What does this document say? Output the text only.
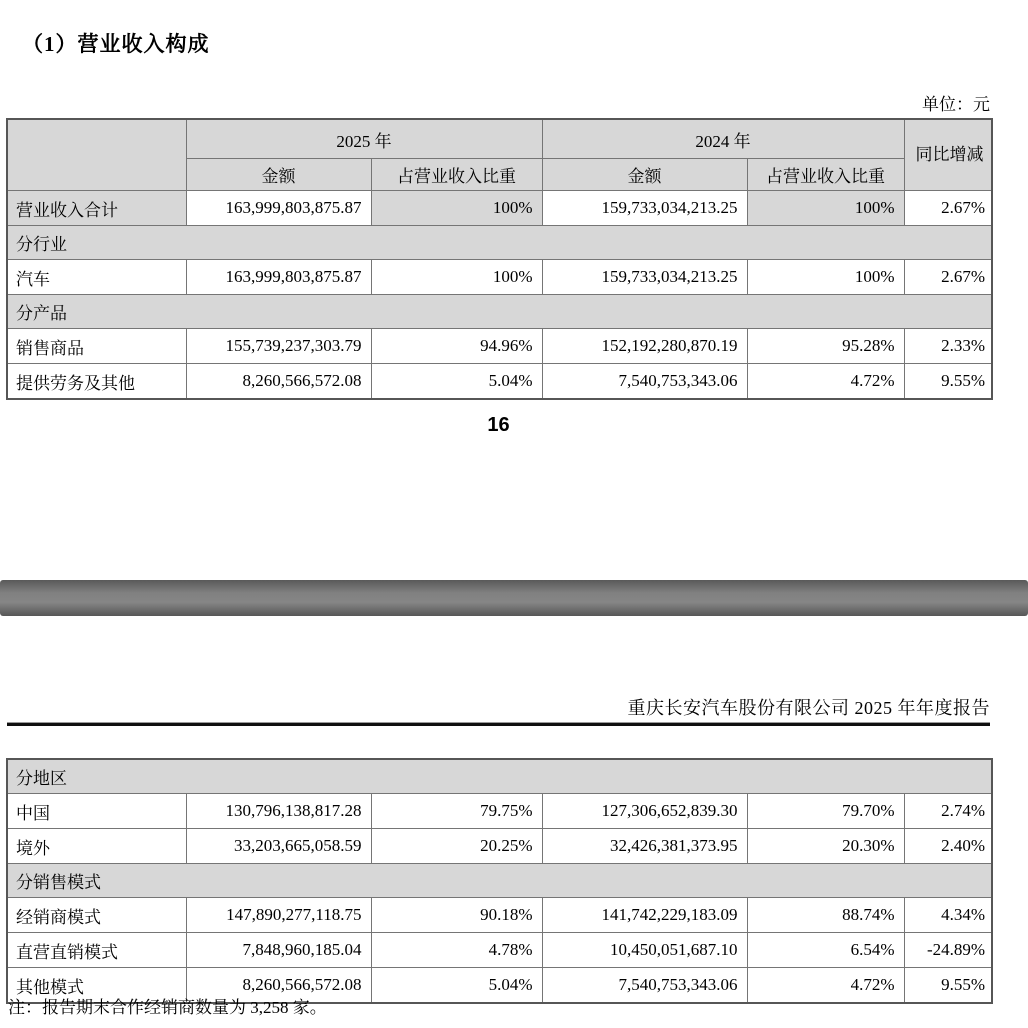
（1）营业收入构成
单位：元
	2025 年		2024 年		同比增减
	金额	占营业收入比重	金额	占营业收入比重	
营业收入合计	163,999,803,875.87	100%	159,733,034,213.25	100%	2.67%
分行业					
汽车	163,999,803,875.87	100%	159,733,034,213.25	100%	2.67%
分产品					
销售商品	155,739,237,303.79	94.96%	152,192,280,870.19	95.28%	2.33%
提供劳务及其他	8,260,566,572.08	5.04%	7,540,753,343.06	4.72%	9.55%
16
重庆长安汽车股份有限公司 2025 年年度报告
分地区					
中国	130,796,138,817.28	79.75%	127,306,652,839.30	79.70%	2.74%
境外	33,203,665,058.59	20.25%	32,426,381,373.95	20.30%	2.40%
分销售模式					
经销商模式	147,890,277,118.75	90.18%	141,742,229,183.09	88.74%	4.34%
直营直销模式	7,848,960,185.04	4.78%	10,450,051,687.10	6.54%	-24.89%
其他模式	8,260,566,572.08	5.04%	7,540,753,343.06	4.72%	9.55%
注：报告期末合作经销商数量为 3,258 家。
